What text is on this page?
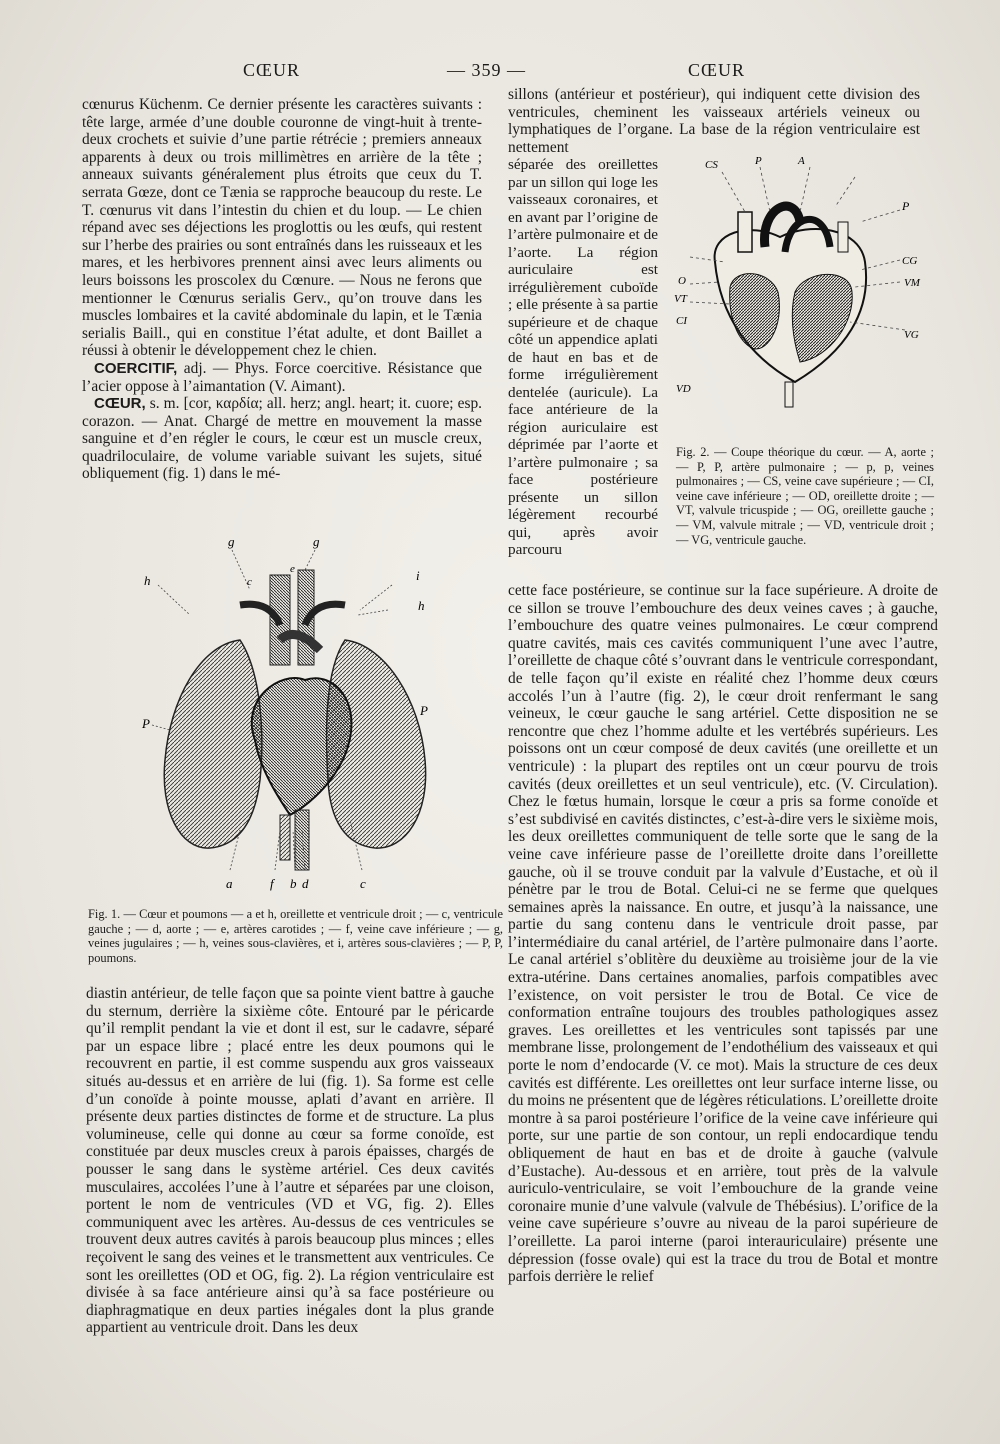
CŒUR	— 359 —	CŒUR

cœnurus Küchenm. Ce dernier présente les caractères suivants : tête large, armée d’une double couronne de vingt-huit à trente-deux crochets et suivie d’une partie rétrécie ; premiers anneaux apparents à deux ou trois millimètres en arrière de la tête ; anneaux suivants généralement plus étroits que ceux du T. serrata Gœze, dont ce Tænia se rapproche beaucoup du reste. Le T. cœnurus vit dans l’intestin du chien et du loup. — Le chien répand avec ses déjections les proglottis ou les œufs, qui restent sur l’herbe des prairies ou sont entraînés dans les ruisseaux et les mares, et les herbivores prennent ainsi avec leurs aliments ou leurs boissons les proscolex du Cœnure. — Nous ne ferons que mentionner le Cœnurus serialis Gerv., qu’on trouve dans les muscles lombaires et la cavité abdominale du lapin, et le Tænia serialis Baill., qui en constitue l’état adulte, et dont Baillet a réussi à obtenir le développement chez le chien.

COERCITIF, adj. — Phys. Force coercitive. Résistance que l’acier oppose à l’aimantation (V. Aimant).

CŒUR, s. m. [cor, καρδία; all. herz; angl. heart; it. cuore; esp. corazon. — Anat. Chargé de mettre en mouvement la masse sanguine et d’en régler le cours, le cœur est un muscle creux, quadriloculaire, de volume variable suivant les sujets, situé obliquement (fig. 1) dans le mé-

g	g
h	c
e	i
h
P
P
a	f b d	c
Fig. 1. — Cœur et poumons — a et h, oreillette et ventricule droit ; — c, ventricule gauche ; — d, aorte ; — e, artères carotides ; — f, veine cave inférieure ; — g, veines jugulaires ; — h, veines sous-clavières, et i, artères sous-clavières ; — P, P, poumons.

diastin antérieur, de telle façon que sa pointe vient battre à gauche du sternum, derrière la sixième côte. Entouré par le péricarde qu’il remplit pendant la vie et dont il est, sur le cadavre, séparé par un espace libre ; placé entre les deux poumons qui le recouvrent en partie, il est comme suspendu aux gros vaisseaux situés au-dessus et en arrière de lui (fig. 1). Sa forme est celle d’un conoïde à pointe mousse, aplati d’avant en arrière. Il présente deux parties distinctes de forme et de structure. La plus volumineuse, celle qui donne au cœur sa forme conoïde, est constituée par deux muscles creux à parois épaisses, chargés de pousser le sang dans le système artériel. Ces deux cavités musculaires, accolées l’une à l’autre et séparées par une cloison, portent le nom de ventricules (VD et VG, fig. 2). Elles communiquent avec les artères. Au-dessus de ces ventricules se trouvent deux autres cavités à parois beaucoup plus minces ; elles reçoivent le sang des veines et le transmettent aux ventricules. Ce sont les oreillettes (OD et OG, fig. 2). La région ventriculaire est divisée à sa face antérieure ainsi qu’à sa face postérieure ou diaphragmatique en deux parties inégales dont la plus grande appartient au ventricule droit. Dans les deux

sillons (antérieur et postérieur), qui indiquent cette division des ventricules, cheminent les vaisseaux artériels veineux ou lymphatiques de l’organe. La base de la région ventriculaire est nettement

séparée des oreillettes par un sillon qui loge les vaisseaux coronaires, et en avant par l’origine de l’artère pulmonaire et de l’aorte. La région auriculaire est irrégulièrement cuboïde ; elle présente à sa partie supérieure et de chaque côté un appendice aplati de haut en bas et de forme irrégulièrement dentelée (auricule). La face antérieure de la région auriculaire est déprimée par l’aorte et l’artère pulmonaire ; sa face postérieure présente un sillon légèrement recourbé qui, après avoir parcouru

CS	P	A
P
O
VT
CI
VD
CG
VM
VG
Fig. 2. — Coupe théorique du cœur. — A, aorte ; — P, P, artère pulmonaire ; — p, p, veines pulmonaires ; — CS, veine cave supérieure ; — CI, veine cave inférieure ; — OD, oreillette droite ; — VT, valvule tricuspide ; — OG, oreillette gauche ; — VM, valvule mitrale ; — VD, ventricule droit ; — VG, ventricule gauche.

cette face postérieure, se continue sur la face supérieure. A droite de ce sillon se trouve l’embouchure des deux veines caves ; à gauche, l’embouchure des quatre veines pulmonaires. Le cœur comprend quatre cavités, mais ces cavités communiquent l’une avec l’autre, l’oreillette de chaque côté s’ouvrant dans le ventricule correspondant, de telle façon qu’il existe en réalité chez l’homme deux cœurs accolés l’un à l’autre (fig. 2), le cœur droit renfermant le sang veineux, le cœur gauche le sang artériel. Cette disposition ne se rencontre que chez l’homme adulte et les vertébrés supérieurs. Les poissons ont un cœur composé de deux cavités (une oreillette et un ventricule) : la plupart des reptiles ont un cœur pourvu de trois cavités (deux oreillettes et un seul ventricule), etc. (V. Circulation). Chez le fœtus humain, lorsque le cœur a pris sa forme conoïde et s’est subdivisé en cavités distinctes, c’est-à-dire vers le sixième mois, les deux oreillettes communiquent de telle sorte que le sang de la veine cave inférieure passe de l’oreillette droite dans l’oreillette gauche, où il se trouve conduit par la valvule d’Eustache, et où il pénètre par le trou de Botal. Celui-ci ne se ferme que quelques semaines après la naissance. En outre, et jusqu’à la naissance, une partie du sang contenu dans le ventricule droit passe, par l’intermédiaire du canal artériel, de l’artère pulmonaire dans l’aorte. Le canal artériel s’oblitère du deuxième au troisième jour de la vie extra-utérine. Dans certaines anomalies, parfois compatibles avec l’existence, on voit persister le trou de Botal. Ce vice de conformation entraîne toujours des troubles pathologiques assez graves. Les oreillettes et les ventricules sont tapissés par une membrane lisse, prolongement de l’endothélium des vaisseaux et qui porte le nom d’endocarde (V. ce mot). Mais la structure de ces deux cavités est différente. Les oreillettes ont leur surface interne lisse, ou du moins ne présentent que de légères réticulations. L’oreillette droite montre à sa paroi postérieure l’orifice de la veine cave inférieure qui porte, sur une partie de son contour, un repli endocardique tendu obliquement de haut en bas et de droite à gauche (valvule d’Eustache). Au-dessous et en arrière, tout près de la valvule auriculo-ventriculaire, se voit l’embouchure de la grande veine coronaire munie d’une valvule (valvule de Thébésius). L’orifice de la veine cave supérieure s’ouvre au niveau de la paroi supérieure de l’oreillette. La paroi interne (paroi interauriculaire) présente une dépression (fosse ovale) qui est la trace du trou de Botal et montre parfois derrière le relief
